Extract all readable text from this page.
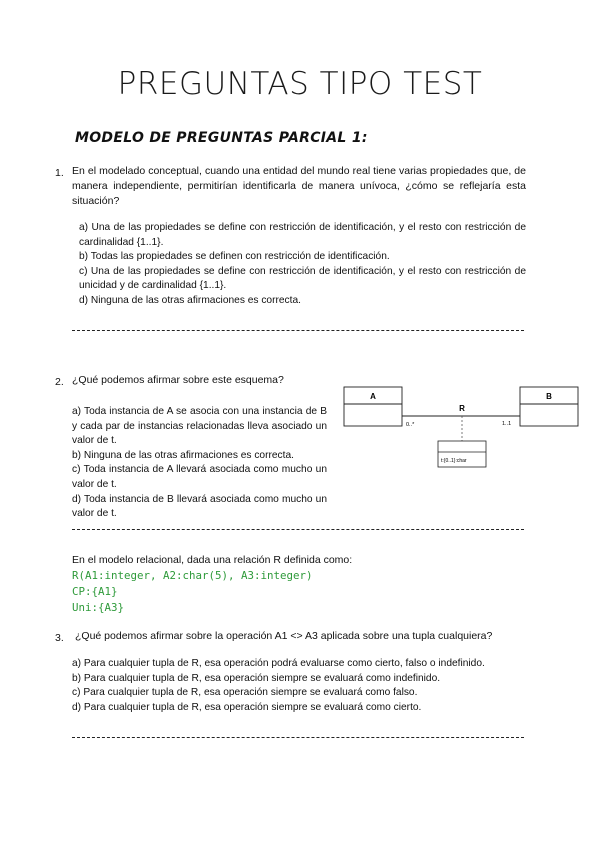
PREGUNTAS TIPO TEST
MODELO DE PREGUNTAS PARCIAL 1:
1. En el modelado conceptual, cuando una entidad del mundo real tiene varias propiedades que, de manera independiente, permitirían identificarla de manera unívoca, ¿cómo se reflejaría esta situación?
a) Una de las propiedades se define con restricción de identificación, y el resto con restricción de cardinalidad {1..1}.
b) Todas las propiedades se definen con restricción de identificación.
c) Una de las propiedades se define con restricción de identificación, y el resto con restricción de unicidad y de cardinalidad {1..1}.
d) Ninguna de las otras afirmaciones es correcta.
2. ¿Qué podemos afirmar sobre este esquema?
a) Toda instancia de A se asocia con una instancia de B y cada par de instancias relacionadas lleva asociado un valor de t.
b) Ninguna de las otras afirmaciones es correcta.
c) Toda instancia de A llevará asociada como mucho un valor de t.
d) Toda instancia de B llevará asociada como mucho un valor de t.
A	B
R
0..*	1..1
t:{0..1}:char
En el modelo relacional, dada una relación R definida como:
R(A1:integer, A2:char(5), A3:integer)
CP:{A1}
Uni:{A3}
3. ¿Qué podemos afirmar sobre la operación A1 <> A3 aplicada sobre una tupla cualquiera?
a) Para cualquier tupla de R, esa operación podrá evaluarse como cierto, falso o indefinido.
b) Para cualquier tupla de R, esa operación siempre se evaluará como indefinido.
c) Para cualquier tupla de R, esa operación siempre se evaluará como falso.
d) Para cualquier tupla de R, esa operación siempre se evaluará como cierto.
